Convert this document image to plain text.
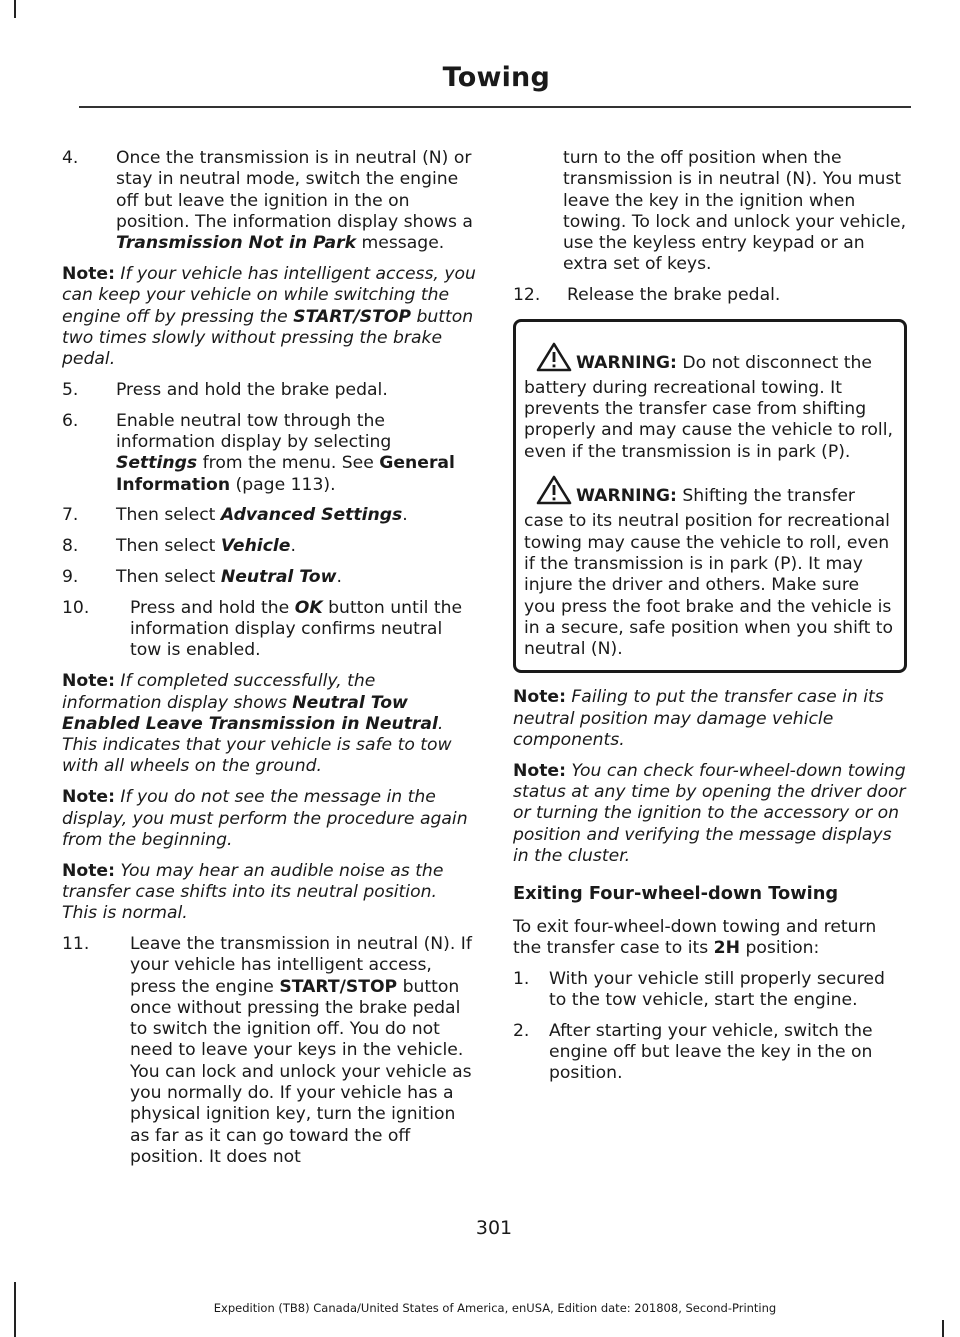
Towing
4.	Once the transmission is in neutral (N) or stay in neutral mode, switch the engine off but leave the ignition in the on position. The information display shows a Transmission Not in Park message.

Note: If your vehicle has intelligent access, you can keep your vehicle on while switching the engine off by pressing the START/STOP button two times slowly without pressing the brake pedal.

5.	Press and hold the brake pedal.
6.	Enable neutral tow through the information display by selecting Settings from the menu. See General Information (page 113).
7.	Then select Advanced Settings.
8.	Then select Vehicle.
9.	Then select Neutral Tow.
10.	Press and hold the OK button until the information display confirms neutral tow is enabled.

Note: If completed successfully, the information display shows Neutral Tow Enabled Leave Transmission in Neutral. This indicates that your vehicle is safe to tow with all wheels on the ground.

Note: If you do not see the message in the display, you must perform the procedure again from the beginning.

Note: You may hear an audible noise as the transfer case shifts into its neutral position. This is normal.

11.	Leave the transmission in neutral (N). If your vehicle has intelligent access, press the engine START/STOP button once without pressing the brake pedal to switch the ignition off. You do not need to leave your keys in the vehicle. You can lock and unlock your vehicle as you normally do. If your vehicle has a physical ignition key, turn the ignition as far as it can go toward the off position. It does not

turn to the off position when the transmission is in neutral (N). You must leave the key in the ignition when towing. To lock and unlock your vehicle, use the keyless entry keypad or an extra set of keys.

12.	Release the brake pedal.

WARNING: Do not disconnect the battery during recreational towing. It prevents the transfer case from shifting properly and may cause the vehicle to roll, even if the transmission is in park (P).

WARNING: Shifting the transfer case to its neutral position for recreational towing may cause the vehicle to roll, even if the transmission is in park (P). It may injure the driver and others. Make sure you press the foot brake and the vehicle is in a secure, safe position when you shift to neutral (N).

Note: Failing to put the transfer case in its neutral position may damage vehicle components.

Note: You can check four-wheel-down towing status at any time by opening the driver door or turning the ignition to the accessory or on position and verifying the message displays in the cluster.

Exiting Four-wheel-down Towing

To exit four-wheel-down towing and return the transfer case to its 2H position:

1.	With your vehicle still properly secured to the tow vehicle, start the engine.
2.	After starting your vehicle, switch the engine off but leave the key in the on position.
301
Expedition (TB8) Canada/United States of America, enUSA, Edition date: 201808, Second-Printing
